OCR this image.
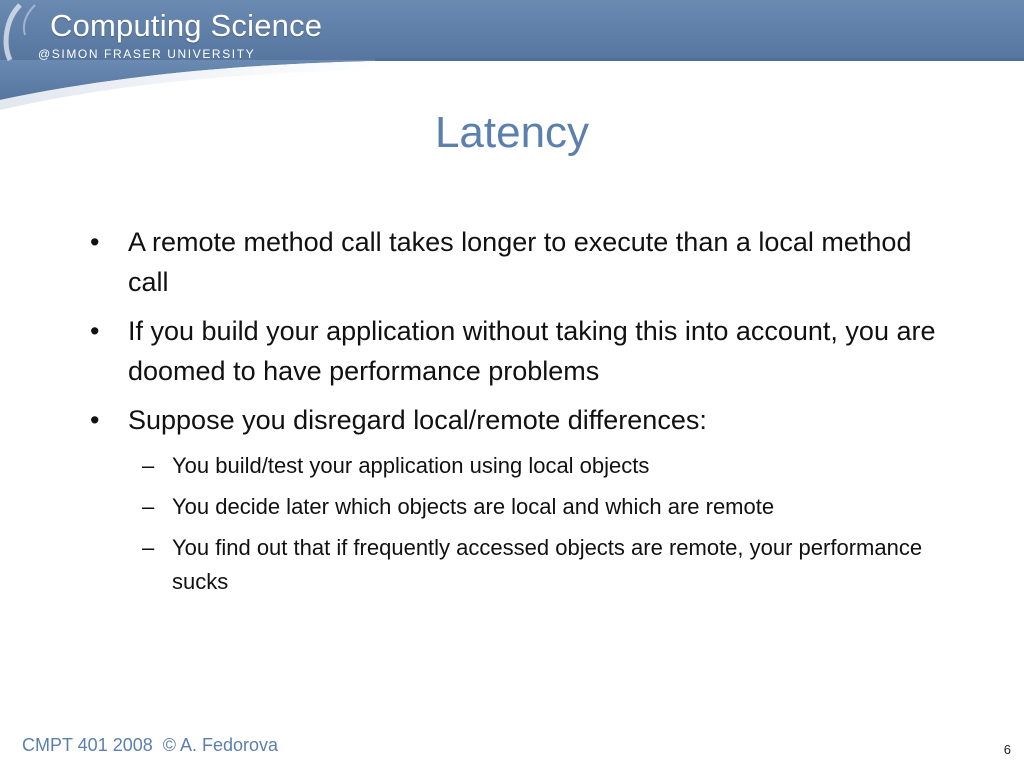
Computing Science
@SIMON FRASER UNIVERSITY
Latency
•	A remote method call takes longer to execute than a local method call
•	If you build your application without taking this into account, you are doomed to have performance problems
•	Suppose you disregard local/remote differences:
– You build/test your application using local objects
– You decide later which objects are local and which are remote
– You find out that if frequently accessed objects are remote, your performance sucks
CMPT 401 2008  © A. Fedorova	6
